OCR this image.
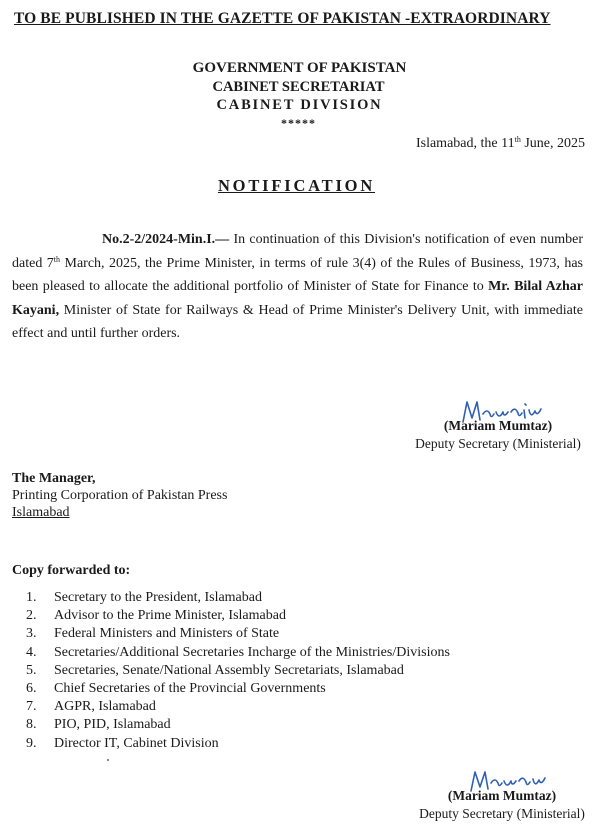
TO BE PUBLISHED IN THE GAZETTE OF PAKISTAN -EXTRAORDINARY
GOVERNMENT OF PAKISTAN
CABINET SECRETARIAT
CABINET DIVISION
*****
Islamabad, the 11th June, 2025
NOTIFICATION
No.2-2/2024-Min.I.— In continuation of this Division's notification of even number dated 7th March, 2025, the Prime Minister, in terms of rule 3(4) of the Rules of Business, 1973, has been pleased to allocate the additional portfolio of Minister of State for Finance to Mr. Bilal Azhar Kayani, Minister of State for Railways & Head of Prime Minister's Delivery Unit, with immediate effect and until further orders.
(Mariam Mumtaz)
Deputy Secretary (Ministerial)
The Manager,
Printing Corporation of Pakistan Press
Islamabad
Copy forwarded to:
1.	Secretary to the President, Islamabad
2.	Advisor to the Prime Minister, Islamabad
3.	Federal Ministers and Ministers of State
4.	Secretaries/Additional Secretaries Incharge of the Ministries/Divisions
5.	Secretaries, Senate/National Assembly Secretariats, Islamabad
6.	Chief Secretaries of the Provincial Governments
7.	AGPR, Islamabad
8.	PIO, PID, Islamabad
9.	Director IT, Cabinet Division
(Mariam Mumtaz)
Deputy Secretary (Ministerial)
